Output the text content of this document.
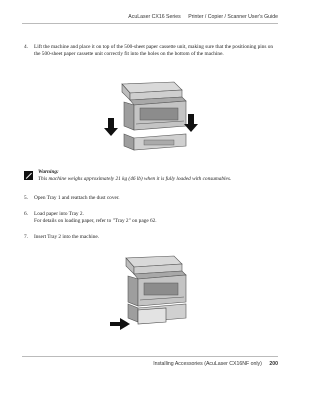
AcuLaser CX16 Series Printer / Copier / Scanner User's Guide
4. Lift the machine and place it on top of the 500-sheet paper cassette unit, making sure that the positioning pins on the 500-sheet paper cassette unit correctly fit into the holes on the bottom of the machine.
Warning:
This machine weighs approximately 21 kg (46 lb) when it is fully loaded with consumables.
5. Open Tray 1 and reattach the dust cover.
6. Load paper into Tray 2.
For details on loading paper, refer to "Tray 2" on page 62.
7. Insert Tray 2 into the machine.
Installing Accessories (AcuLaser CX16NF only) 200
